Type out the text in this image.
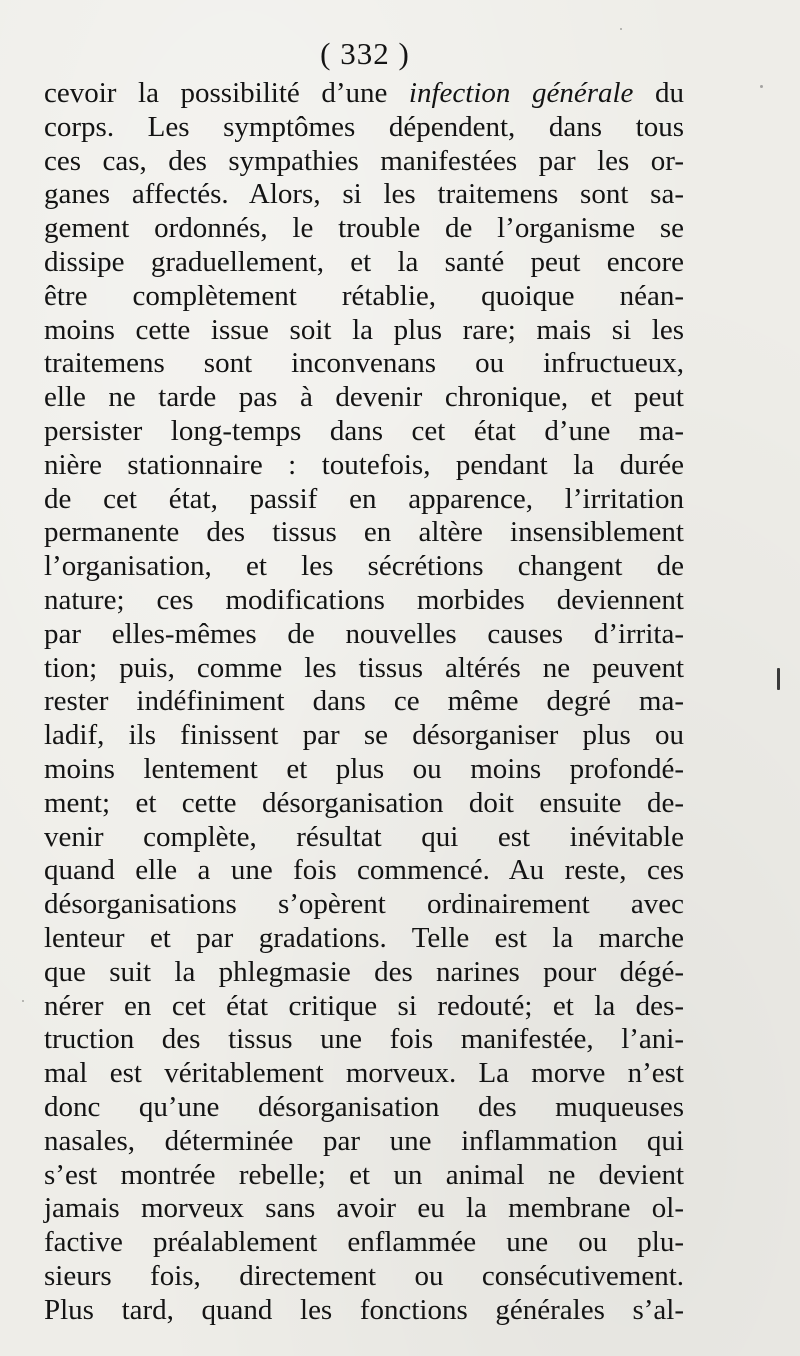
( 332 )
cevoir la possibilité d’une infection générale du
corps. Les symptômes dépendent, dans tous
ces cas, des sympathies manifestées par les or-
ganes affectés. Alors, si les traitemens sont sa-
gement ordonnés, le trouble de l’organisme se
dissipe graduellement, et la santé peut encore
être complètement rétablie, quoique néan-
moins cette issue soit la plus rare; mais si les
traitemens sont inconvenans ou infructueux,
elle ne tarde pas à devenir chronique, et peut
persister long-temps dans cet état d’une ma-
nière stationnaire : toutefois, pendant la durée
de cet état, passif en apparence, l’irritation
permanente des tissus en altère insensiblement
l’organisation, et les sécrétions changent de
nature; ces modifications morbides deviennent
par elles-mêmes de nouvelles causes d’irrita-
tion; puis, comme les tissus altérés ne peuvent
rester indéfiniment dans ce même degré ma-
ladif, ils finissent par se désorganiser plus ou
moins lentement et plus ou moins profondé-
ment; et cette désorganisation doit ensuite de-
venir complète, résultat qui est inévitable
quand elle a une fois commencé. Au reste, ces
désorganisations s’opèrent ordinairement avec
lenteur et par gradations. Telle est la marche
que suit la phlegmasie des narines pour dégé-
nérer en cet état critique si redouté; et la des-
truction des tissus une fois manifestée, l’ani-
mal est véritablement morveux. La morve n’est
donc qu’une désorganisation des muqueuses
nasales, déterminée par une inflammation qui
s’est montrée rebelle; et un animal ne devient
jamais morveux sans avoir eu la membrane ol-
factive préalablement enflammée une ou plu-
sieurs fois, directement ou consécutivement.
Plus tard, quand les fonctions générales s’al-
